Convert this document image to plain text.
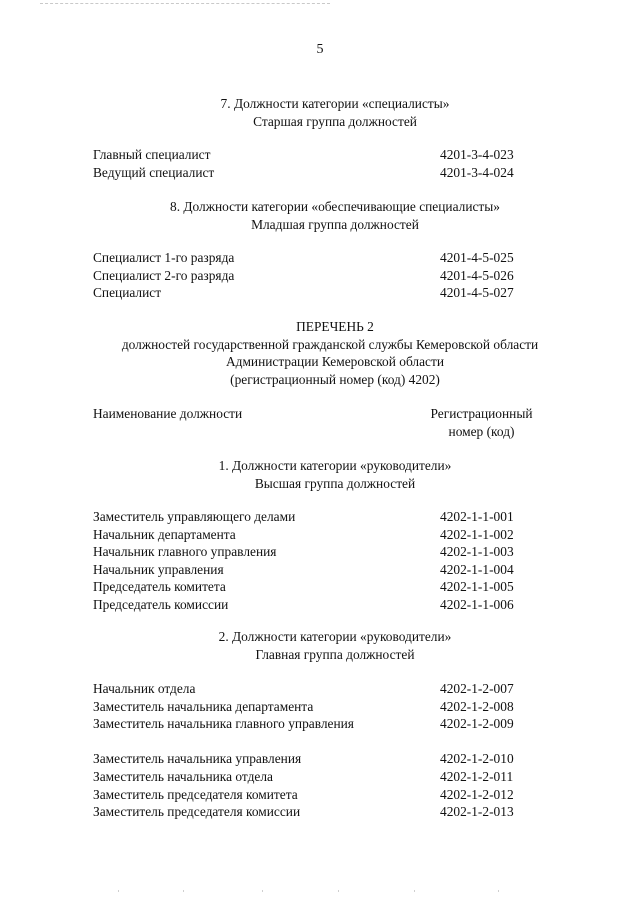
5
7. Должности категории «специалисты»
Старшая группа должностей
Главный специалист	4201-3-4-023
Ведущий специалист	4201-3-4-024
8. Должности категории «обеспечивающие специалисты»
Младшая группа должностей
Специалист 1-го разряда	4201-4-5-025
Специалист 2-го разряда	4201-4-5-026
Специалист	4201-4-5-027
ПЕРЕЧЕНЬ 2
должностей государственной гражданской службы Кемеровской области
Администрации Кемеровской области
(регистрационный номер (код) 4202)
Наименование должности	Регистрационный
номер (код)
1. Должности категории «руководители»
Высшая группа должностей
Заместитель управляющего делами	4202-1-1-001
Начальник департамента	4202-1-1-002
Начальник главного управления	4202-1-1-003
Начальник управления	4202-1-1-004
Председатель комитета	4202-1-1-005
Председатель комиссии	4202-1-1-006
2. Должности категории «руководители»
Главная группа должностей
Начальник отдела	4202-1-2-007
Заместитель начальника департамента	4202-1-2-008
Заместитель начальника главного управления	4202-1-2-009
Заместитель начальника управления	4202-1-2-010
Заместитель начальника отдела	4202-1-2-011
Заместитель председателя комитета	4202-1-2-012
Заместитель председателя комиссии	4202-1-2-013
